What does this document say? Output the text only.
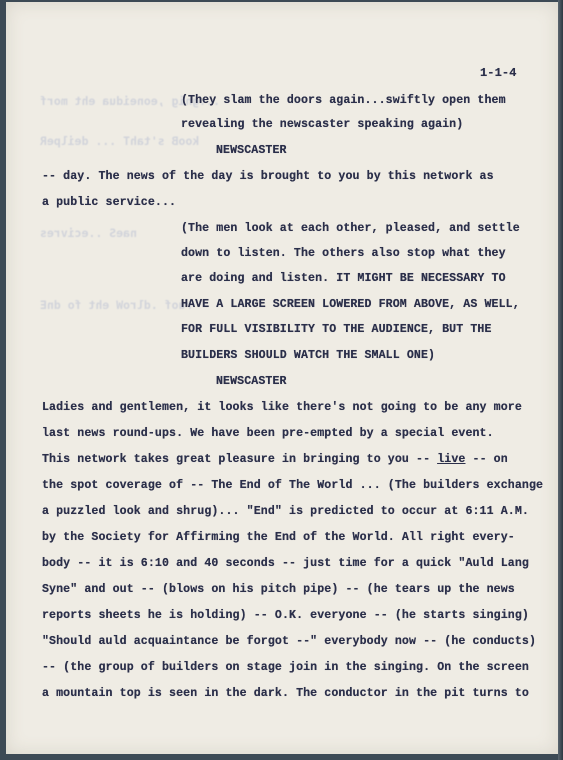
...gnig ,eoneidua eht morf
kooB s'tahT ... deilpeR
naeS ..ecivres
ruof .dlroW eht fo dnE
1-1-4
(They slam the doors again...swiftly open them
revealing the newscaster speaking again)
NEWSCASTER
-- day. The news of the day is brought to you by this network as
a public service...
(The men look at each other, pleased, and settle
down to listen. The others also stop what they
are doing and listen. IT MIGHT BE NECESSARY TO
HAVE A LARGE SCREEN LOWERED FROM ABOVE, AS WELL,
FOR FULL VISIBILITY TO THE AUDIENCE, BUT THE
BUILDERS SHOULD WATCH THE SMALL ONE)
NEWSCASTER
Ladies and gentlemen, it looks like there's not going to be any more
last news round-ups. We have been pre-empted by a special event.
This network takes great pleasure in bringing to you -- live -- on
the spot coverage of -- The End of The World ... (The builders exchange
a puzzled look and shrug)... "End" is predicted to occur at 6:11 A.M.
by the Society for Affirming the End of the World. All right every-
body -- it is 6:10 and 40 seconds -- just time for a quick "Auld Lang
Syne" and out -- (blows on his pitch pipe) -- (he tears up the news
reports sheets he is holding) -- O.K. everyone -- (he starts singing)
"Should auld acquaintance be forgot --" everybody now -- (he conducts)
-- (the group of builders on stage join in the singing. On the screen
a mountain top is seen in the dark. The conductor in the pit turns to
